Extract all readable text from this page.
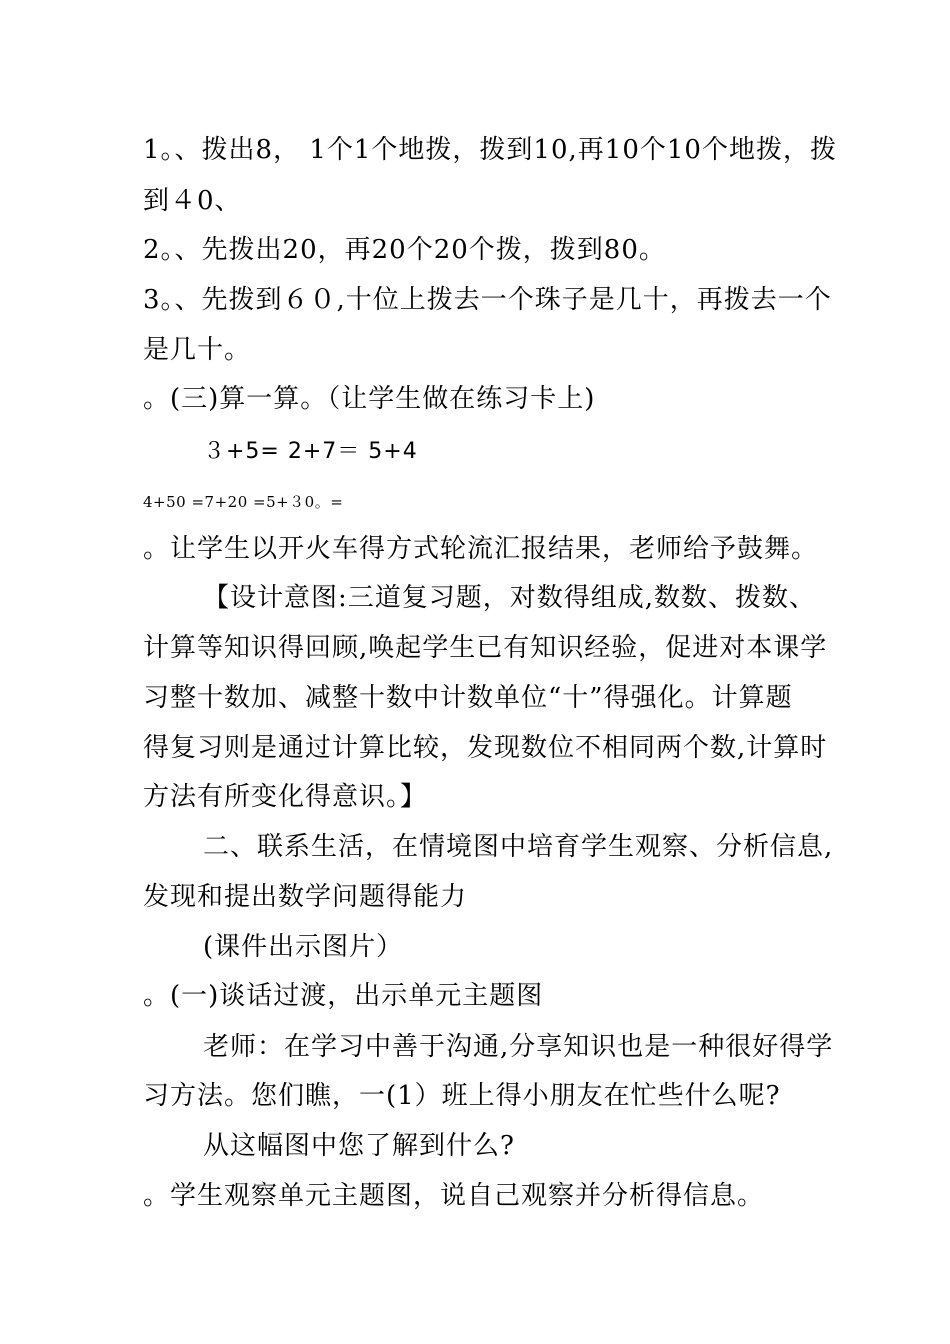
1。、拨出8， 1个1个地拨，拨到10,再10个10个地拨，拨
到４0、
2。、先拨出20，再20个20个拨，拨到80。
3。、先拨到６０,十位上拨去一个珠子是几十，再拨去一个
是几十。
。(三)算一算。（让学生做在练习卡上)
３+5= 2+7＝ 5+4
4+50 =7+20 =5+３0。=
。让学生以开火车得方式轮流汇报结果，老师给予鼓舞。
【设计意图:三道复习题，对数得组成,数数、拨数、
计算等知识得回顾,唤起学生已有知识经验，促进对本课学
习整十数加、减整十数中计数单位“十”得强化。计算题
得复习则是通过计算比较，发现数位不相同两个数,计算时
方法有所变化得意识。】
二、联系生活，在情境图中培育学生观察、分析信息,
发现和提出数学问题得能力
(课件出示图片）
。(一)谈话过渡，出示单元主题图
老师：在学习中善于沟通,分享知识也是一种很好得学
习方法。您们瞧，一(1）班上得小朋友在忙些什么呢?
从这幅图中您了解到什么?
。学生观察单元主题图，说自己观察并分析得信息。
